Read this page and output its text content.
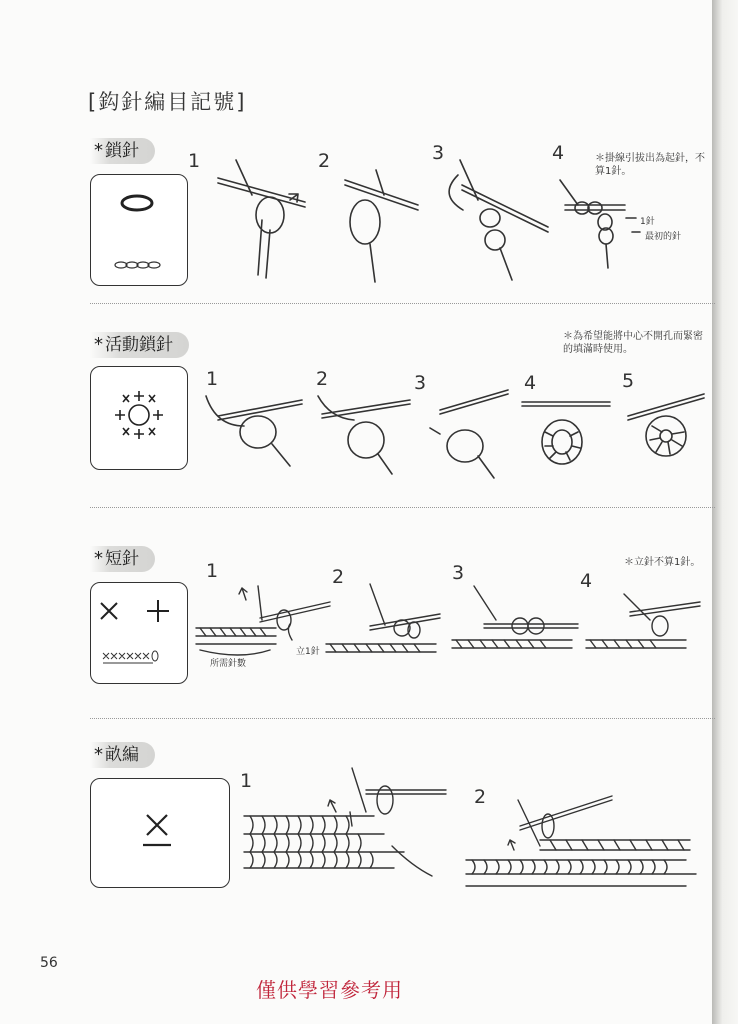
[鈎針編目記號]
* 鎖針	1	2	3	4	＊掛線引拔出為起針，不算1針。
1針
最初的針
* 活動鎖針	＊為希望能將中心不開孔而緊密的填滿時使用。
1	2	3	4	5
* 短針	＊立針不算1針。
1	2	3	4
所需針數
立1針
* 畝編
1
2
56
僅供學習參考用
